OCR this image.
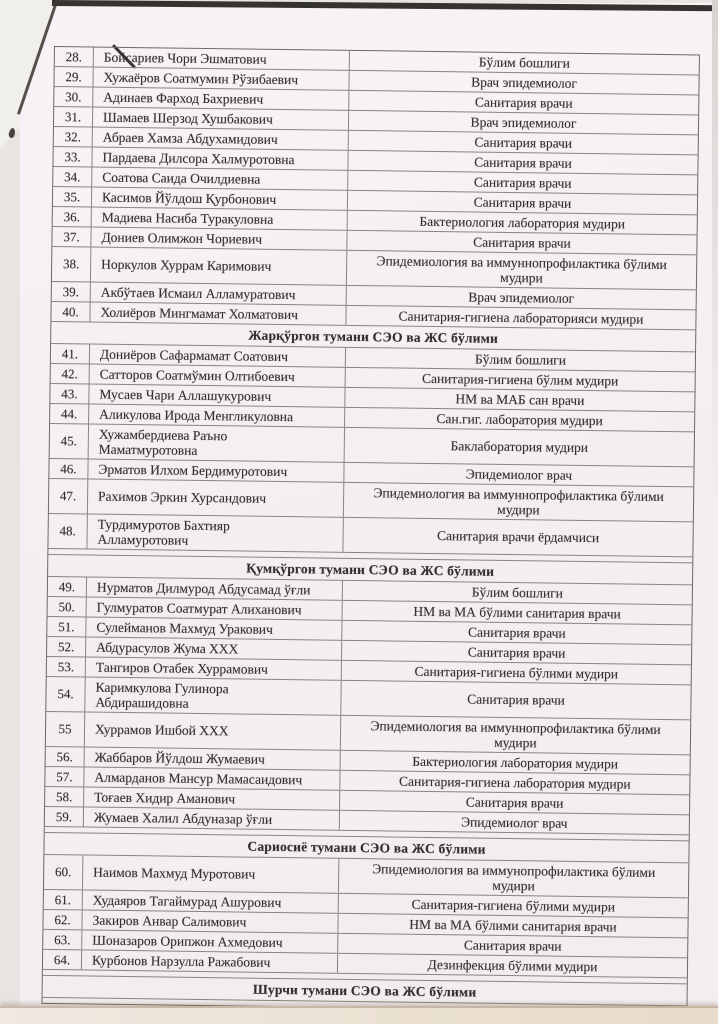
28.	Бойсариев Чори Эшматович	Бўлим бошлиги
29.	Хужаёров Соатмумин Рўзибаевич	Врач эпидемиолог
30.	Адинаев Фарход Бахриевич	Санитария врачи
31.	Шамаев Шерзод Хушбакович	Врач эпидемиолог
32.	Абраев Хамза Абдухамидович	Санитария врачи
33.	Пардаева Дилсора Халмуротовна	Санитария врачи
34.	Соатова Саида Очилдиевна	Санитария врачи
35.	Касимов Йўлдош Қурбонович	Санитария врачи
36.	Мадиева Насиба Туракуловна	Бактериология лаборатория мудири
37.	Дониев Олимжон Чориевич	Санитария врачи
38.	Норкулов Хуррам Каримович	Эпидемиология ва иммуннопрофилактика бўлими
мудири
39.	Акбўтаев Исмаил Алламуратович	Врач эпидемиолог
40.	Холиёров Мингмамат Холматович	Санитария-гигиена лабораторияси мудири
Жарқўргон тумани СЭО ва ЖС бўлими
41.	Дониёров Сафармамат Соатович	Бўлим бошлиги
42.	Сатторов Соатмўмин Олтибоевич	Санитария-гигиена бўлим мудири
43.	Мусаев Чари Аллашукурович	НМ ва МАБ сан врачи
44.	Аликулова Ирода Менгликуловна	Сан.гиг. лаборатория мудири
45.	Хужамбердиева Раъно
Маматмуротовна	Баклаборатория мудири
46.	Эрматов Илхом Бердимуротович	Эпидемиолог врач
47.	Рахимов Эркин Хурсандович	Эпидемиология ва иммуннопрофилактика бўлими
мудири
48.	Турдимуротов Бахтияр
Алламуротович	Санитария врачи ёрдамчиси
Қумқўргон тумани СЭО ва ЖС бўлими
49.	Нурматов Дилмурод Абдусамад ўғли	Бўлим бошлиги
50.	Гулмуратов Соатмурат Алиханович	НМ ва МА бўлими санитария врачи
51.	Сулейманов Махмуд Уракович	Санитария врачи
52.	Абдурасулов Жума ХХХ	Санитария врачи
53.	Тангиров Отабек Хуррамович	Санитария-гигиена бўлими мудири
54.	Каримкулова Гулинора
Абдирашидовна	Санитария врачи
55	Хуррамов Ишбой ХХХ	Эпидемиология ва иммуннопрофилактика бўлими
мудири
56.	Жаббаров Йўлдош Жумаевич	Бактериология лаборатория мудири
57.	Алмарданов Мансур Мамасаидович	Санитария-гигиена лаборатория мудири
58.	Тоғаев Хидир Аманович	Санитария врачи
59.	Жумаев Халил Абдуназар ўғли	Эпидемиолог врач
Сариосиё тумани СЭО ва ЖС бўлими
60.	Наимов Махмуд Муротович	Эпидемиология ва иммунопрофилактика бўлими
мудири
61.	Худаяров Тагаймурад Ашурович	Санитария-гигиена бўлими мудири
62.	Закиров Анвар Салимович	НМ ва МА бўлими санитария врачи
63.	Шоназаров Орипжон Ахмедович	Санитария врачи
64.	Курбонов Нарзулла Ражабович	Дезинфекция бўлими мудири
Шурчи тумани СЭО ва ЖС бўлими
